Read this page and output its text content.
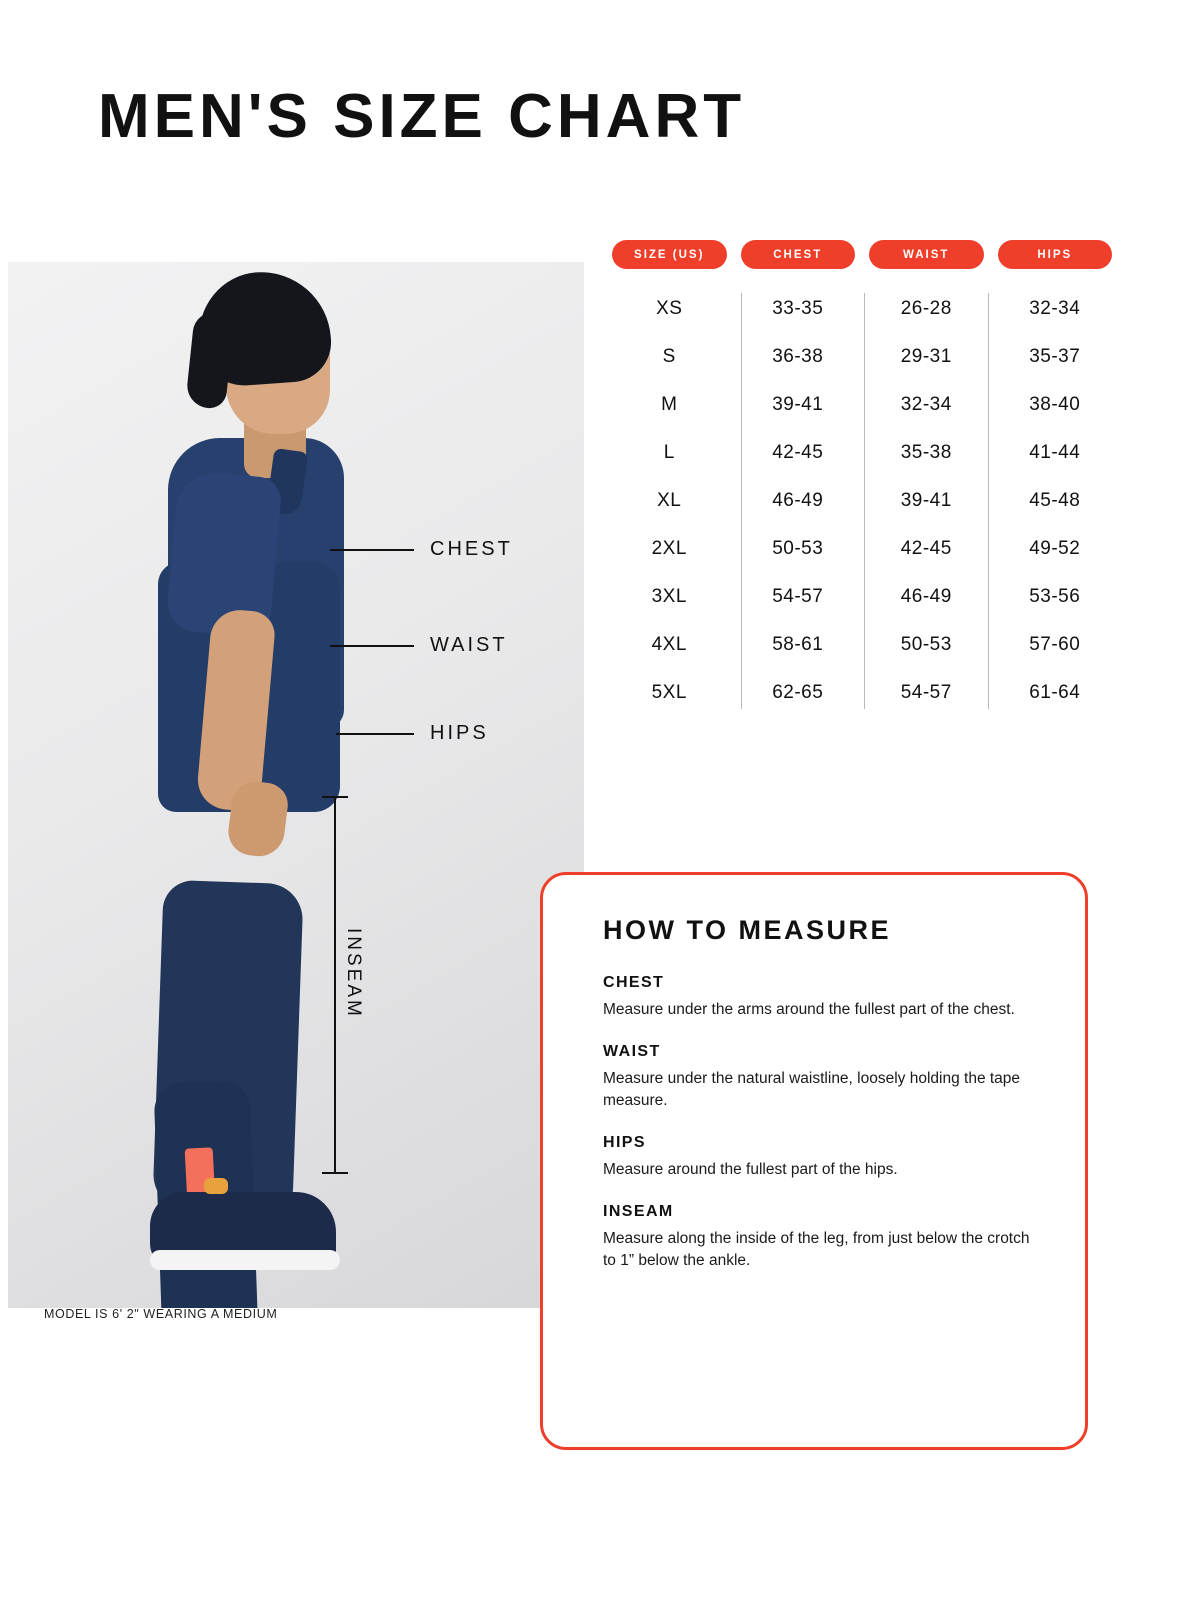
MEN'S SIZE CHART
MODEL IS 6' 2" WEARING A MEDIUM
CHEST
WAIST
HIPS
INSEAM
SIZE (US)	CHEST	WAIST	HIPS
XS	33-35	26-28	32-34
S	36-38	29-31	35-37
M	39-41	32-34	38-40
L	42-45	35-38	41-44
XL	46-49	39-41	45-48
2XL	50-53	42-45	49-52
3XL	54-57	46-49	53-56
4XL	58-61	50-53	57-60
5XL	62-65	54-57	61-64
HOW TO MEASURE
CHEST
Measure under the arms around the fullest part of the chest.
WAIST
Measure under the natural waistline, loosely holding the tape measure.
HIPS
Measure around the fullest part of the hips.
INSEAM
Measure along the inside of the leg, from just below the crotch to 1” below the ankle.
